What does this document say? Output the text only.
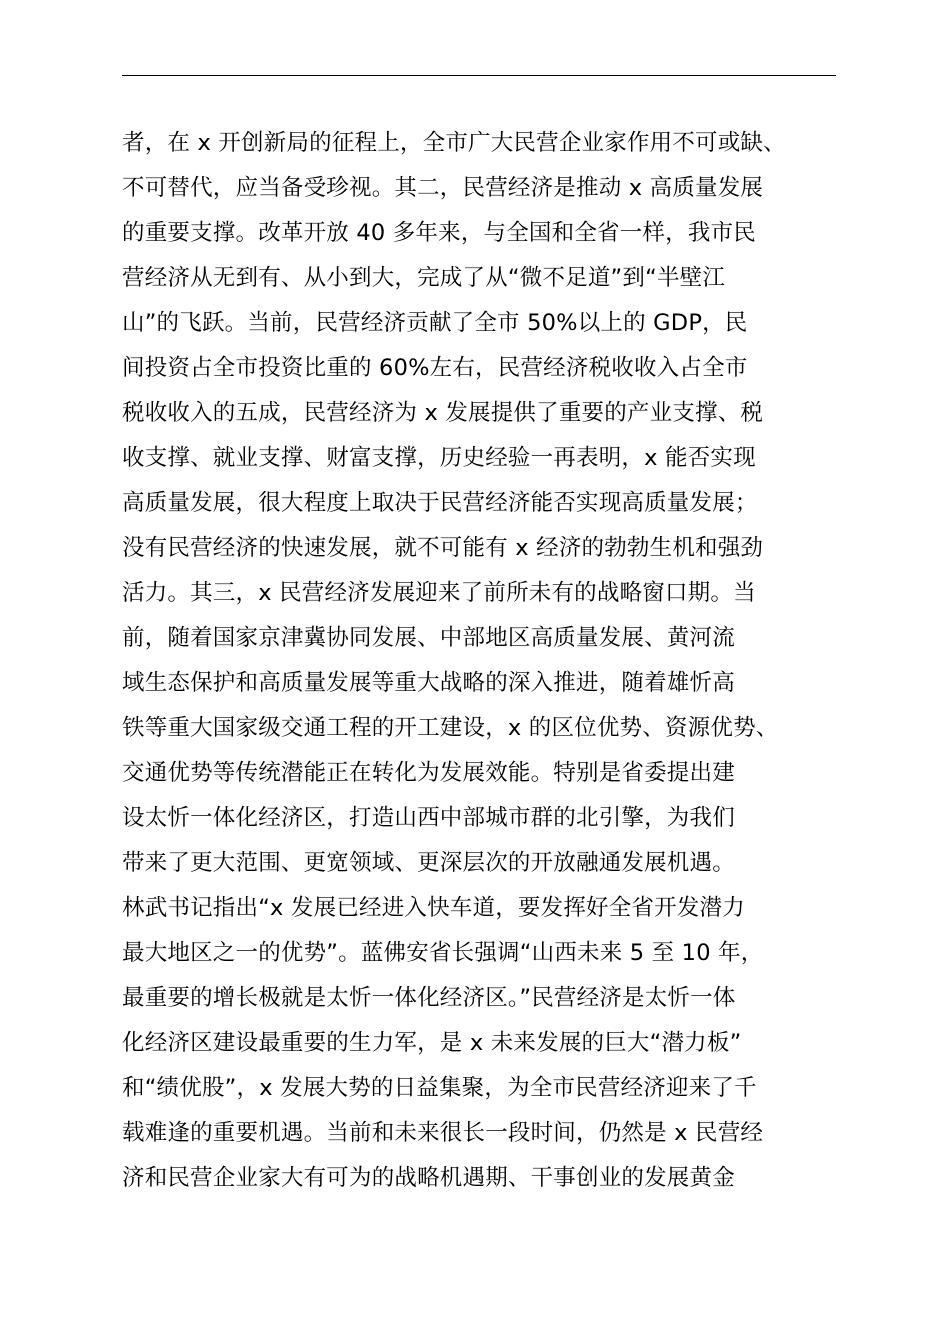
者，在 x 开创新局的征程上，全市广大民营企业家作用不可或缺、
不可替代，应当备受珍视。其二，民营经济是推动 x 高质量发展
的重要支撑。改革开放 40 多年来，与全国和全省一样，我市民
营经济从无到有、从小到大，完成了从“微不足道”到“半壁江
山”的飞跃。当前，民营经济贡献了全市 50%以上的 GDP，民
间投资占全市投资比重的 60%左右，民营经济税收收入占全市
税收收入的五成，民营经济为 x 发展提供了重要的产业支撑、税
收支撑、就业支撑、财富支撑，历史经验一再表明，x 能否实现
高质量发展，很大程度上取决于民营经济能否实现高质量发展；
没有民营经济的快速发展，就不可能有 x 经济的勃勃生机和强劲
活力。其三，x 民营经济发展迎来了前所未有的战略窗口期。当
前，随着国家京津冀协同发展、中部地区高质量发展、黄河流
域生态保护和高质量发展等重大战略的深入推进，随着雄忻高
铁等重大国家级交通工程的开工建设，x 的区位优势、资源优势、
交通优势等传统潜能正在转化为发展效能。特别是省委提出建
设太忻一体化经济区，打造山西中部城市群的北引擎，为我们
带来了更大范围、更宽领域、更深层次的开放融通发展机遇。
林武书记指出“x 发展已经进入快车道，要发挥好全省开发潜力
最大地区之一的优势”。蓝佛安省长强调“山西未来 5 至 10 年，
最重要的增长极就是太忻一体化经济区。”民营经济是太忻一体
化经济区建设最重要的生力军，是 x 未来发展的巨大“潜力板”
和“绩优股”，x 发展大势的日益集聚，为全市民营经济迎来了千
载难逢的重要机遇。当前和未来很长一段时间，仍然是 x 民营经
济和民营企业家大有可为的战略机遇期、干事创业的发展黄金
